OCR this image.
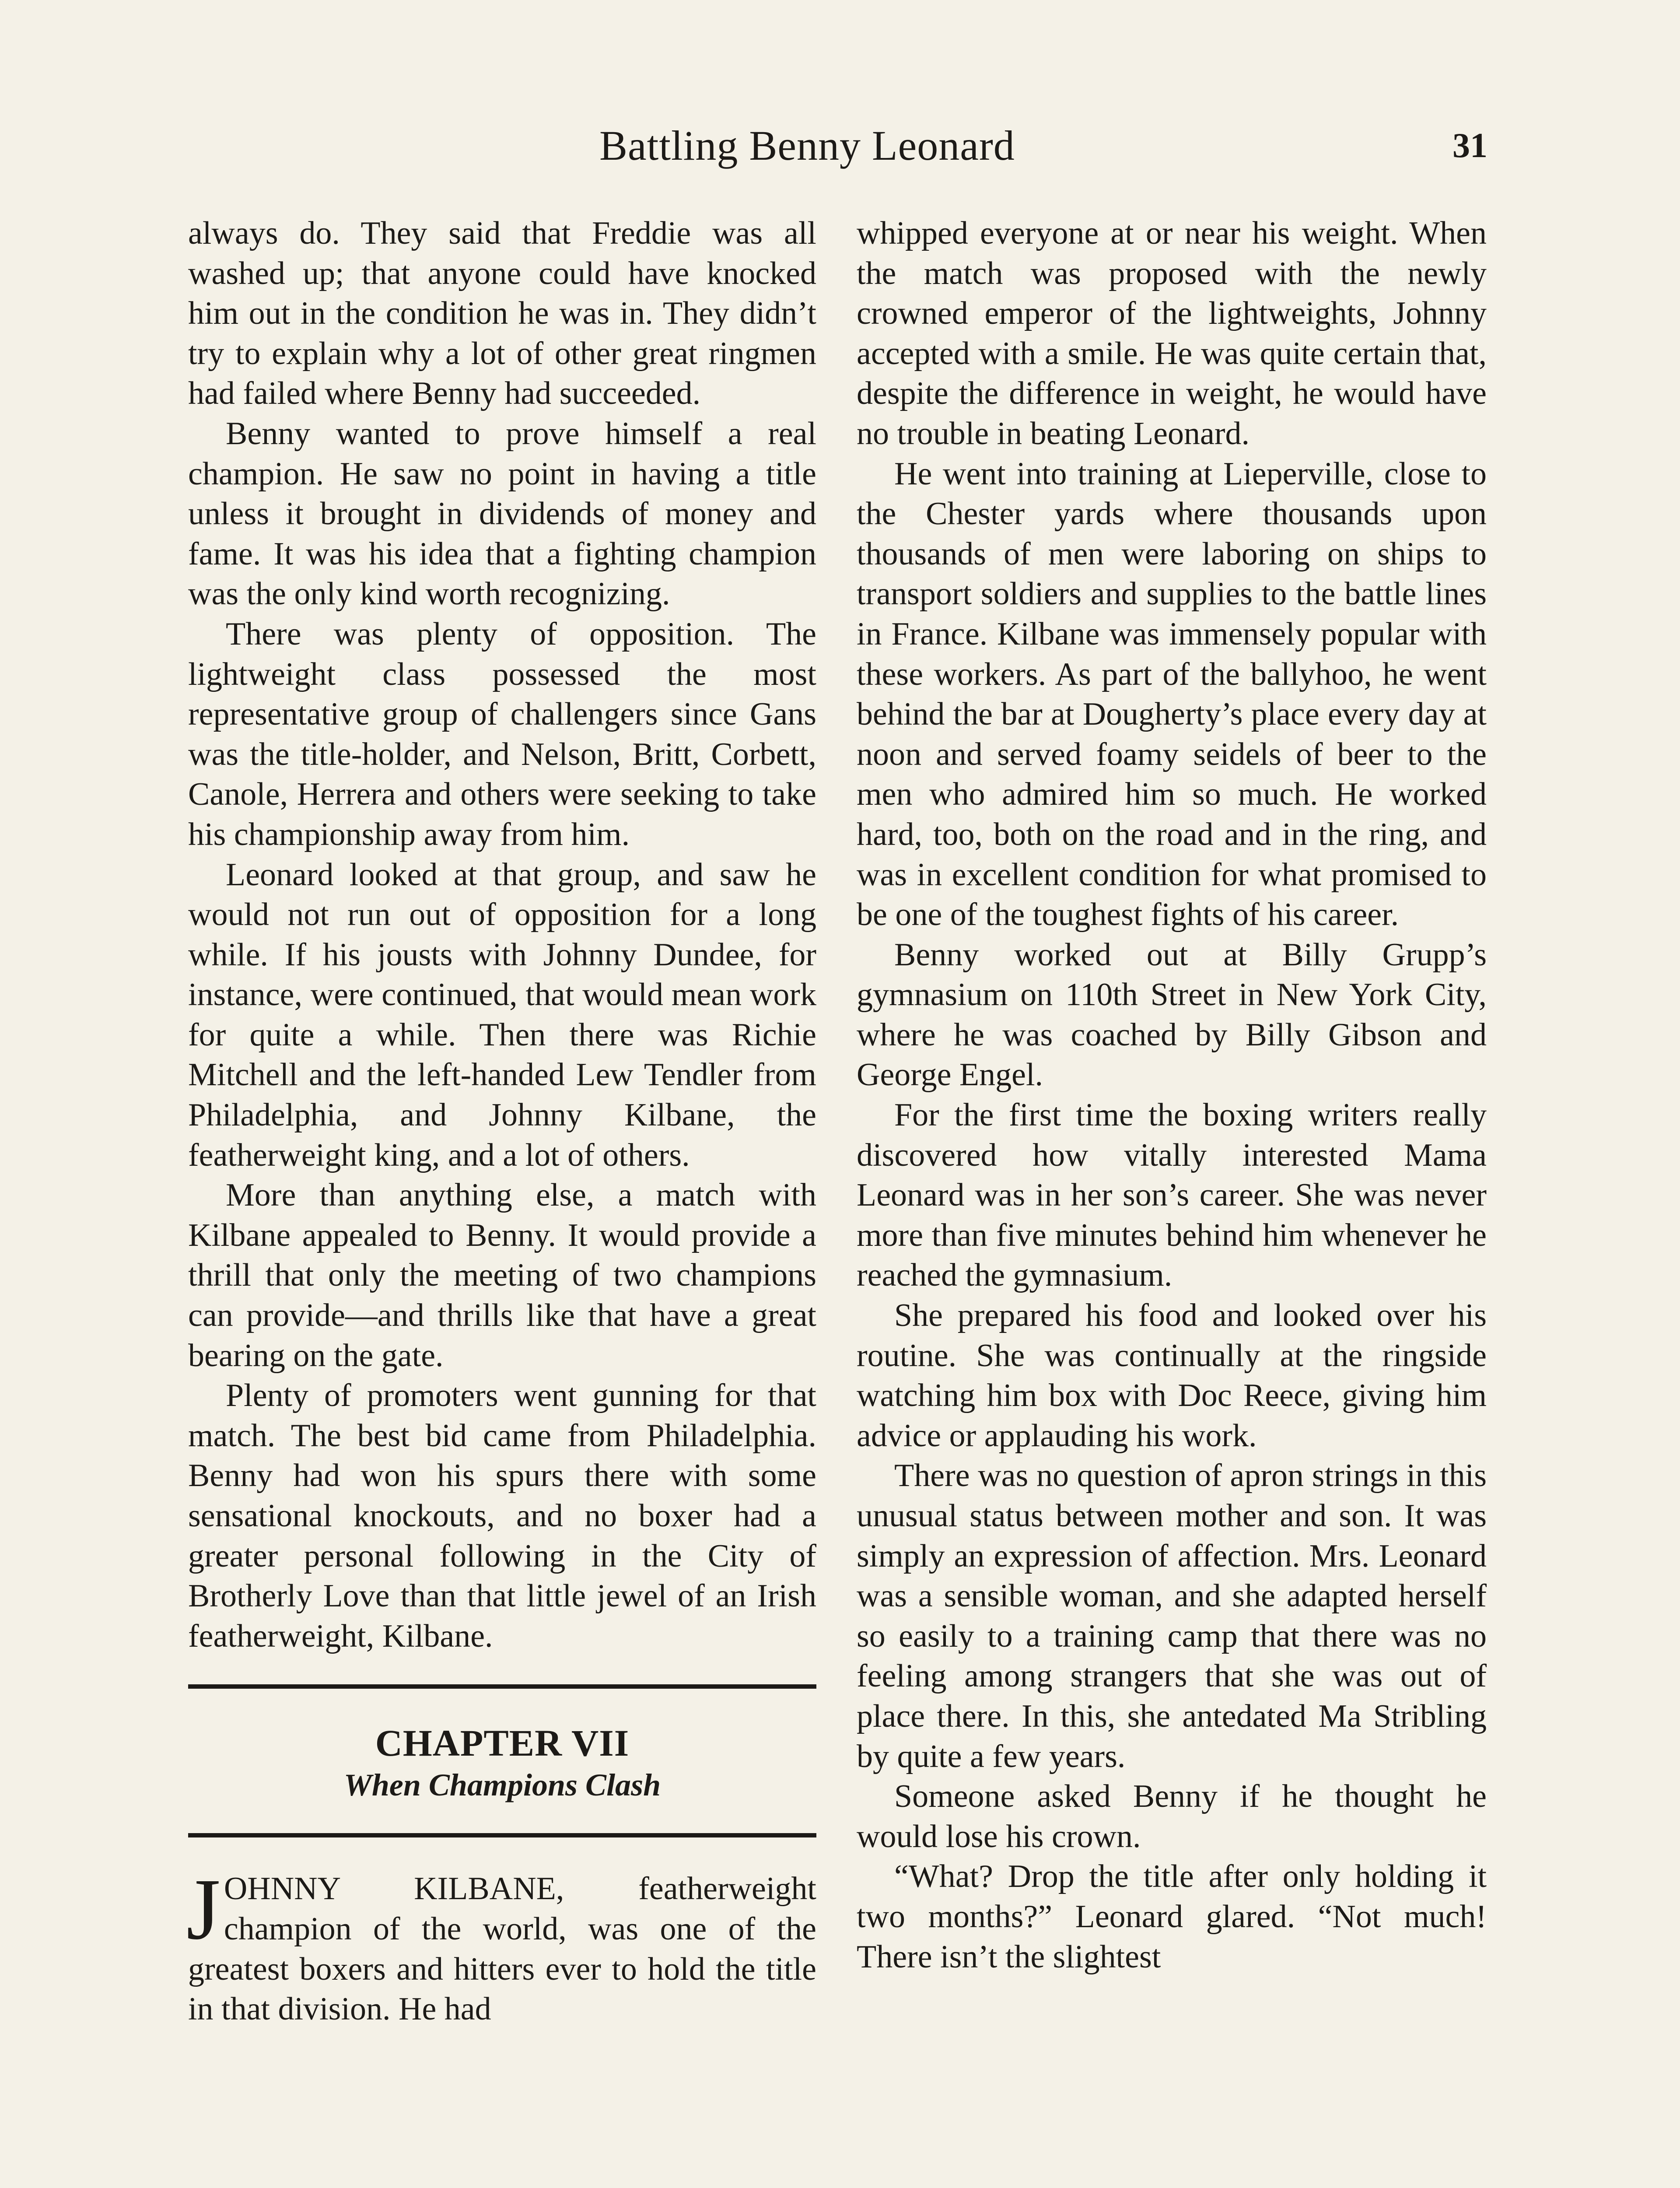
Battling Benny Leonard	31

always do. They said that Freddie was all washed up; that anyone could have knocked him out in the condition he was in. They didn’t try to explain why a lot of other great ringmen had failed where Benny had succeeded.

Benny wanted to prove himself a real champion. He saw no point in having a title unless it brought in dividends of money and fame. It was his idea that a fighting champion was the only kind worth recognizing.

There was plenty of opposition. The lightweight class possessed the most representative group of challengers since Gans was the title-holder, and Nelson, Britt, Corbett, Canole, Herrera and others were seeking to take his championship away from him.

Leonard looked at that group, and saw he would not run out of opposition for a long while. If his jousts with Johnny Dundee, for instance, were continued, that would mean work for quite a while. Then there was Richie Mitchell and the left-handed Lew Tendler from Philadelphia, and Johnny Kilbane, the featherweight king, and a lot of others.

More than anything else, a match with Kilbane appealed to Benny. It would provide a thrill that only the meeting of two champions can provide—and thrills like that have a great bearing on the gate.

Plenty of promoters went gunning for that match. The best bid came from Philadelphia. Benny had won his spurs there with some sensational knockouts, and no boxer had a greater personal following in the City of Brotherly Love than that little jewel of an Irish featherweight, Kilbane.

CHAPTER VII
When Champions Clash

JOHNNY KILBANE, featherweight champion of the world, was one of the greatest boxers and hitters ever to hold the title in that division. He had

whipped everyone at or near his weight. When the match was proposed with the newly crowned emperor of the lightweights, Johnny accepted with a smile. He was quite certain that, despite the difference in weight, he would have no trouble in beating Leonard.

He went into training at Lieperville, close to the Chester yards where thousands upon thousands of men were laboring on ships to transport soldiers and supplies to the battle lines in France. Kilbane was immensely popular with these workers. As part of the ballyhoo, he went behind the bar at Dougherty’s place every day at noon and served foamy seidels of beer to the men who admired him so much. He worked hard, too, both on the road and in the ring, and was in excellent condition for what promised to be one of the toughest fights of his career.

Benny worked out at Billy Grupp’s gymnasium on 110th Street in New York City, where he was coached by Billy Gibson and George Engel.

For the first time the boxing writers really discovered how vitally interested Mama Leonard was in her son’s career. She was never more than five minutes behind him whenever he reached the gymnasium.

She prepared his food and looked over his routine. She was continually at the ringside watching him box with Doc Reece, giving him advice or applauding his work.

There was no question of apron strings in this unusual status between mother and son. It was simply an expression of affection. Mrs. Leonard was a sensible woman, and she adapted herself so easily to a training camp that there was no feeling among strangers that she was out of place there. In this, she antedated Ma Stribling by quite a few years.

Someone asked Benny if he thought he would lose his crown.

“What? Drop the title after only holding it two months?” Leonard glared. “Not much! There isn’t the slightest
